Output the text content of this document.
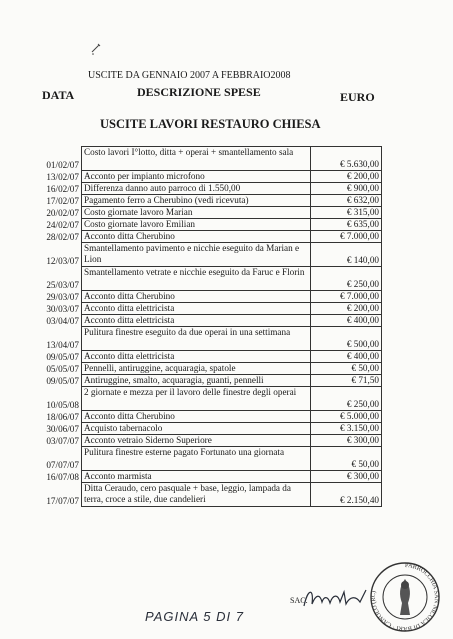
USCITE DA GENNAIO 2007 A FEBBRAIO2008
DATA	DESCRIZIONE SPESE	EURO
USCITE LAVORI RESTAURO CHIESA
01/02/07	Costo lavori I°lotto, ditta + operai + smantellamento sala	€ 5.630,00
13/02/07	Acconto per impianto microfono	€ 200,00
16/02/07	Differenza danno auto parroco di 1.550,00	€ 900,00
17/02/07	Pagamento ferro a Cherubino (vedi ricevuta)	€ 632,00
20/02/07	Costo giornate lavoro Marian	€ 315,00
24/02/07	Costo giornate lavoro Emilian	€ 635,00
28/02/07	Acconto ditta Cherubino	€ 7.000,00
12/03/07	Smantellamento pavimento e nicchie eseguito da Marian e Lion	€ 140,00
25/03/07	Smantellamento vetrate e nicchie eseguito da Faruc e Florin	€ 250,00
29/03/07	Acconto ditta Cherubino	€ 7.000,00
30/03/07	Acconto ditta elettricista	€ 200,00
03/04/07	Acconto ditta elettricista	€ 400,00
13/04/07	Pulitura finestre eseguito da due operai in una settimana	€ 500,00
09/05/07	Acconto ditta elettricista	€ 400,00
05/05/07	Pennelli, antiruggine, acquaragia, spatole	€ 50,00
09/05/07	Antiruggine, smalto, acquaragia, guanti, pennelli	€ 71,50
10/05/08	2 giornate e mezza per il lavoro delle finestre degli operai	€ 250,00
18/06/07	Acconto ditta Cherubino	€ 5.000,00
30/06/07	Acquisto tabernacolo	€ 3.150,00
03/07/07	Acconto vetraio Siderno Superiore	€ 300,00
07/07/07	Pulitura finestre esterne pagato Fortunato una giornata	€ 50,00
16/07/08	Acconto marmista	€ 300,00
17/07/07	Ditta Ceraudo, cero pasquale + base, leggio, lampada da terra, croce a stile, due candelieri	€ 2.150,40
SAC.
PARROCCHIA SAN NICOLA DI BARI · CANOLO (RC)
PAGINA 5 DI 7
